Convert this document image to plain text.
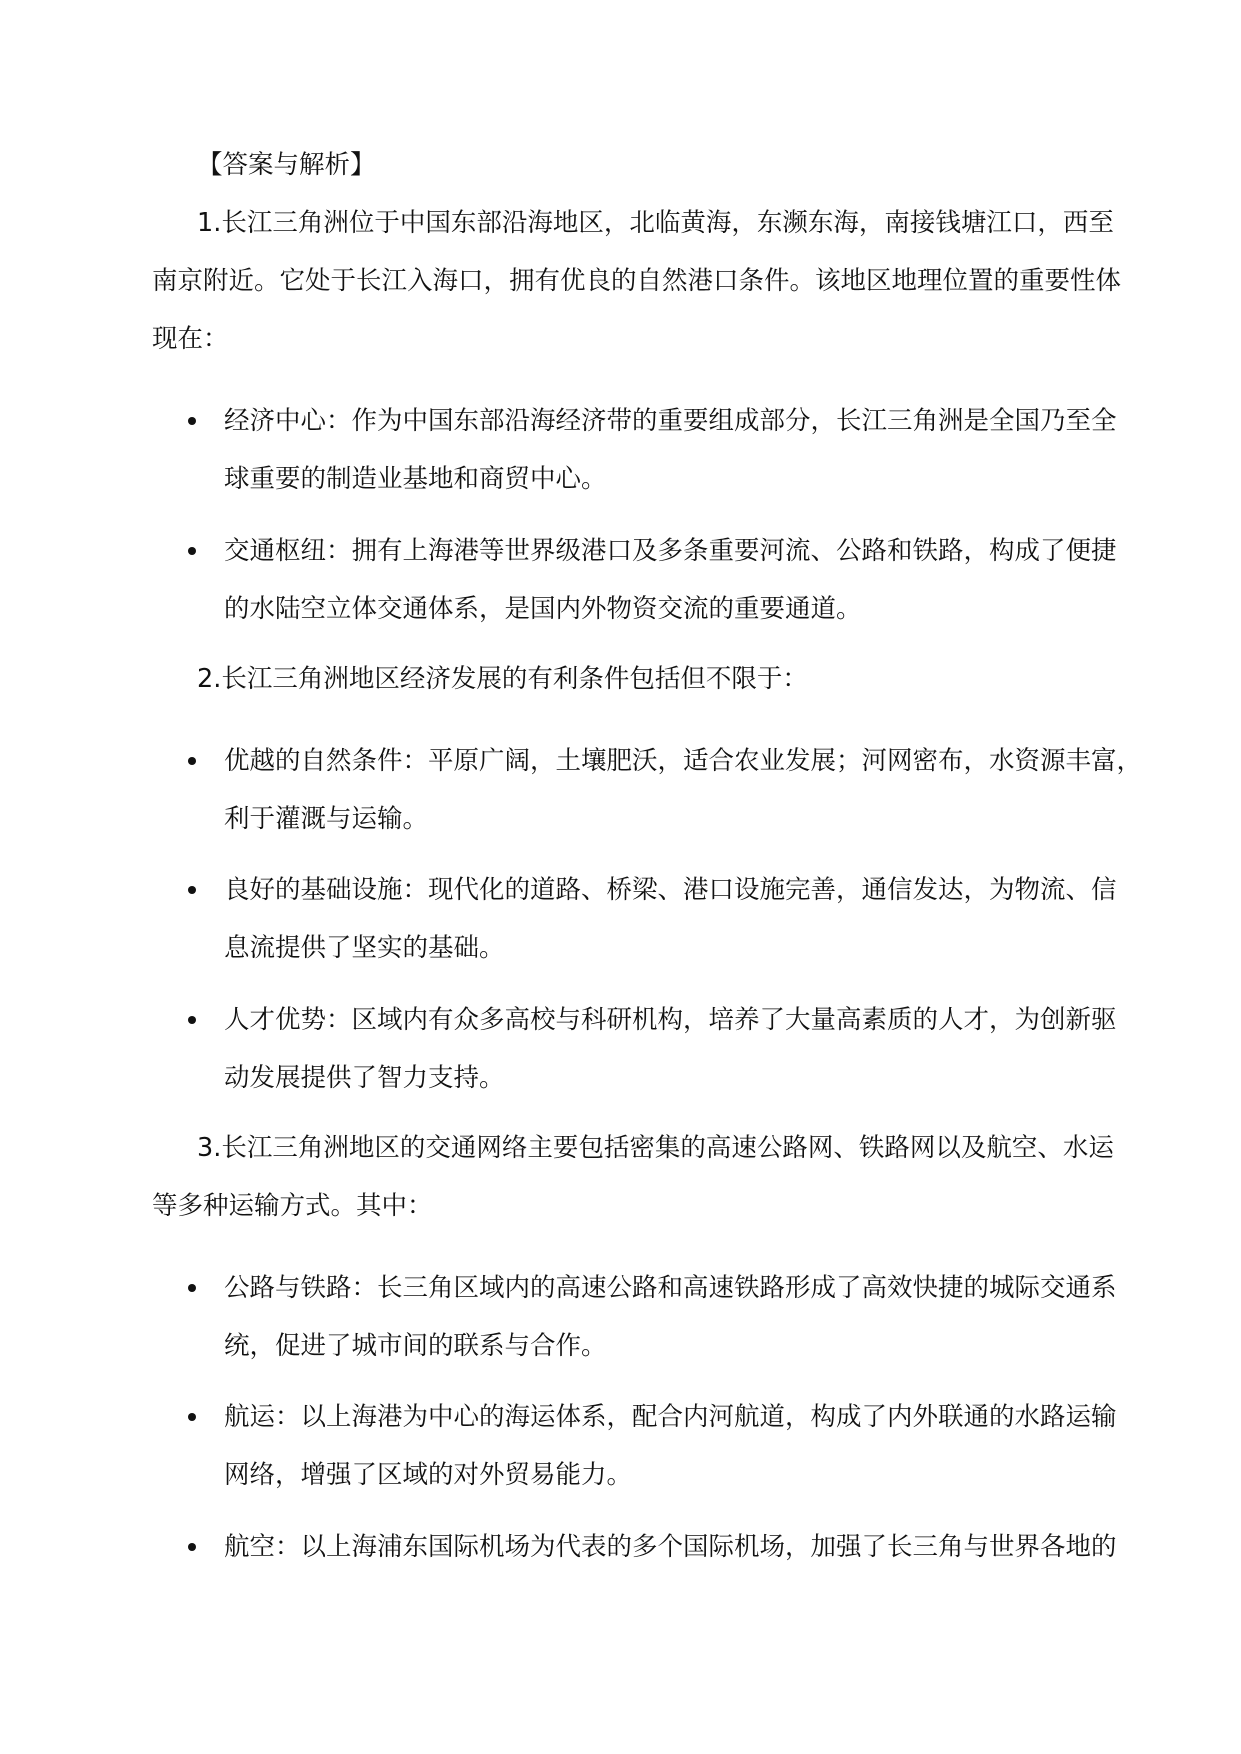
【答案与解析】
1.长江三角洲位于中国东部沿海地区，北临黄海，东濒东海，南接钱塘江口，西至
南京附近。它处于长江入海口，拥有优良的自然港口条件。该地区地理位置的重要性体
现在：
经济中心：作为中国东部沿海经济带的重要组成部分，长江三角洲是全国乃至全
球重要的制造业基地和商贸中心。
交通枢纽：拥有上海港等世界级港口及多条重要河流、公路和铁路，构成了便捷
的水陆空立体交通体系，是国内外物资交流的重要通道。
2.长江三角洲地区经济发展的有利条件包括但不限于：
优越的自然条件：平原广阔，土壤肥沃，适合农业发展；河网密布，水资源丰富，
利于灌溉与运输。
良好的基础设施：现代化的道路、桥梁、港口设施完善，通信发达，为物流、信
息流提供了坚实的基础。
人才优势：区域内有众多高校与科研机构，培养了大量高素质的人才，为创新驱
动发展提供了智力支持。
3.长江三角洲地区的交通网络主要包括密集的高速公路网、铁路网以及航空、水运
等多种运输方式。其中：
公路与铁路：长三角区域内的高速公路和高速铁路形成了高效快捷的城际交通系
统，促进了城市间的联系与合作。
航运：以上海港为中心的海运体系，配合内河航道，构成了内外联通的水路运输
网络，增强了区域的对外贸易能力。
航空：以上海浦东国际机场为代表的多个国际机场，加强了长三角与世界各地的
